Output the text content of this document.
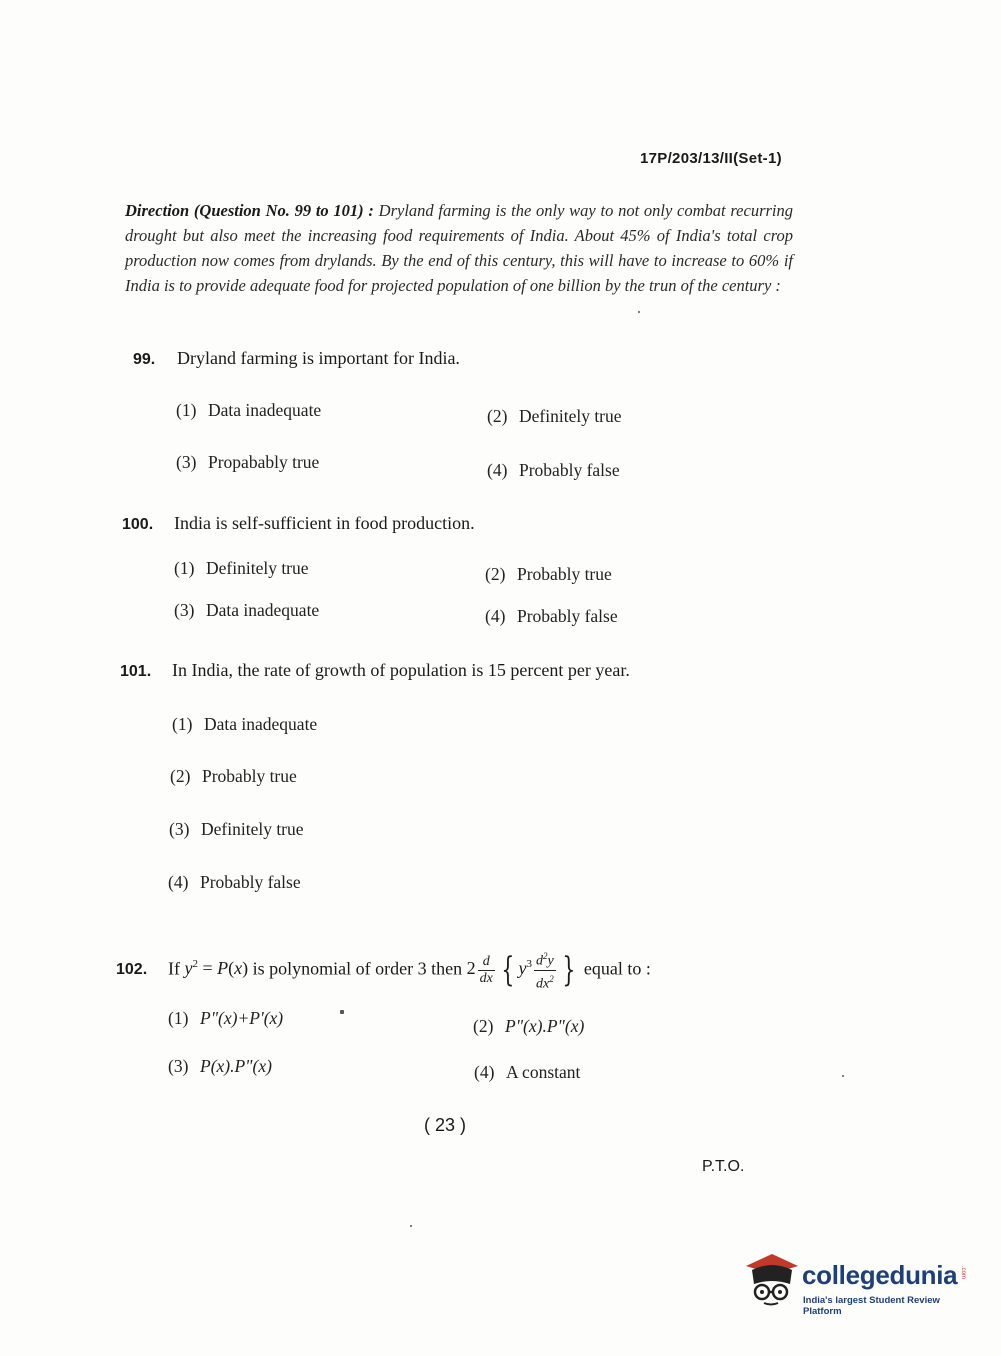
17P/203/13/II(Set-1)
Direction (Question No. 99 to 101) : Dryland farming is the only way to not only combat recurring drought but also meet the increasing food requirements of India. About 45% of India's total crop production now comes from drylands. By the end of this century, this will have to increase to 60% if India is to provide adequate food for projected population of one billion by the trun of the century :
99. Dryland farming is important for India.
(1) Data inadequate	(2) Definitely true
(3) Propabably true	(4) Probably false
100. India is self-sufficient in food production.
(1) Definitely true	(2) Probably true
(3) Data inadequate	(4) Probably false
101. In India, the rate of growth of population is 15 percent per year.
(1) Data inadequate
(2) Probably true
(3) Definitely true
(4) Probably false
102. If $y^2 = P(x)$ is polynomial of order 3 then $2 \frac{d}{dx}$ { $y^3 \frac{d^2y}{dx^2}$ } equal to :
(1) P"(x)+P'(x)	(2) P"(x).P"(x)
(3) P(x).P"(x)	(4) A constant
( 23 )
P.T.O.
collegedunia .com
India's largest Student Review Platform
